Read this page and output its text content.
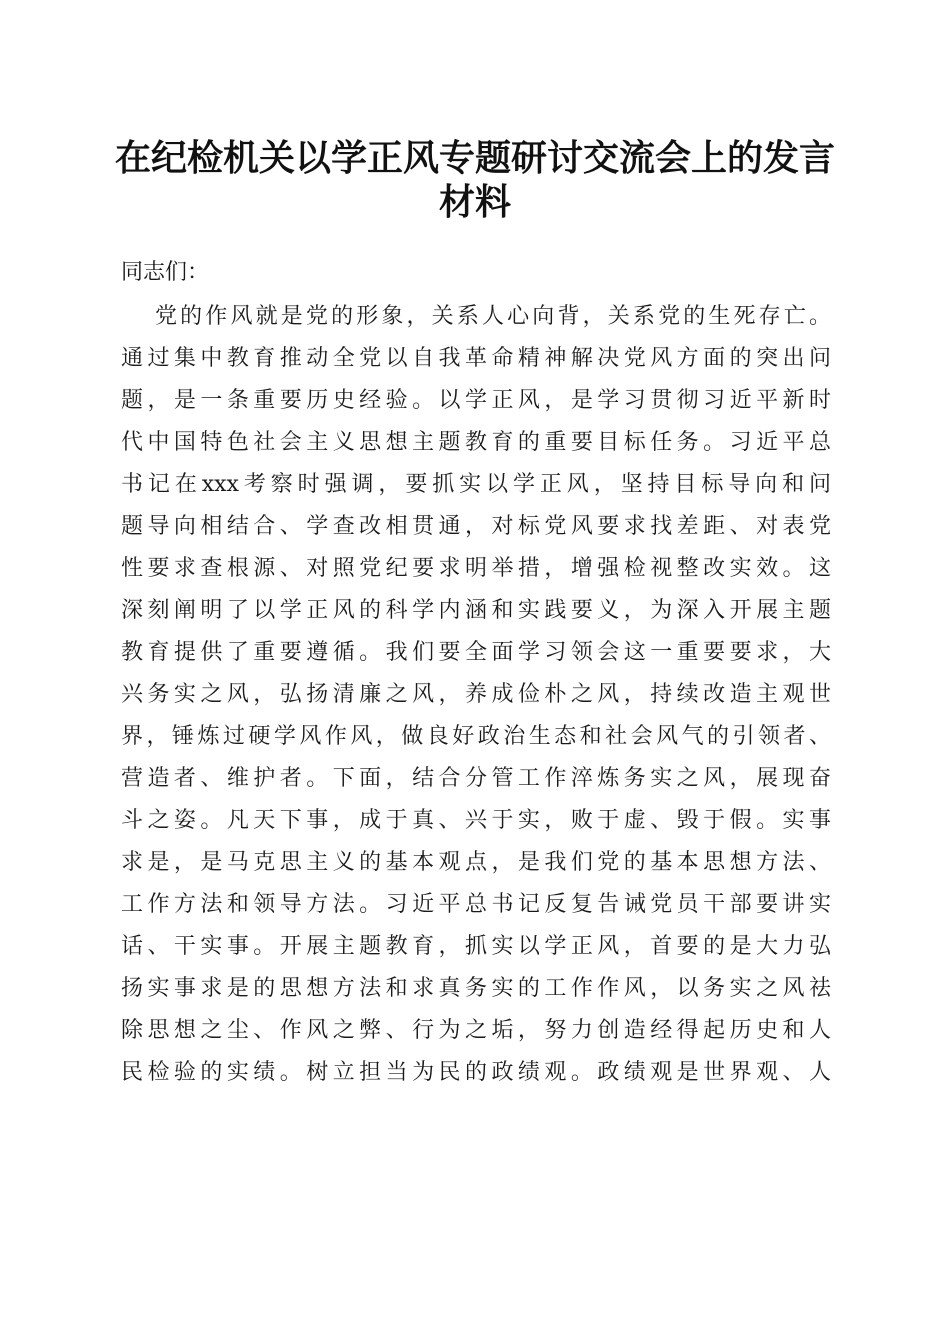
在纪检机关以学正风专题研讨交流会上的发言
材料
同志们：
党的作风就是党的形象，关系人心向背，关系党的生死存亡。
通过集中教育推动全党以自我革命精神解决党风方面的突出问
题，是一条重要历史经验。以学正风，是学习贯彻习近平新时
代中国特色社会主义思想主题教育的重要目标任务。习近平总
书记在xxx考察时强调，要抓实以学正风，坚持目标导向和问
题导向相结合、学查改相贯通，对标党风要求找差距、对表党
性要求查根源、对照党纪要求明举措，增强检视整改实效。这
深刻阐明了以学正风的科学内涵和实践要义，为深入开展主题
教育提供了重要遵循。我们要全面学习领会这一重要要求，大
兴务实之风，弘扬清廉之风，养成俭朴之风，持续改造主观世
界，锤炼过硬学风作风，做良好政治生态和社会风气的引领者、
营造者、维护者。下面，结合分管工作淬炼务实之风，展现奋
斗之姿。凡天下事，成于真、兴于实，败于虚、毁于假。实事
求是，是马克思主义的基本观点，是我们党的基本思想方法、
工作方法和领导方法。习近平总书记反复告诫党员干部要讲实
话、干实事。开展主题教育，抓实以学正风，首要的是大力弘
扬实事求是的思想方法和求真务实的工作作风，以务实之风祛
除思想之尘、作风之弊、行为之垢，努力创造经得起历史和人
民检验的实绩。树立担当为民的政绩观。政绩观是世界观、人
